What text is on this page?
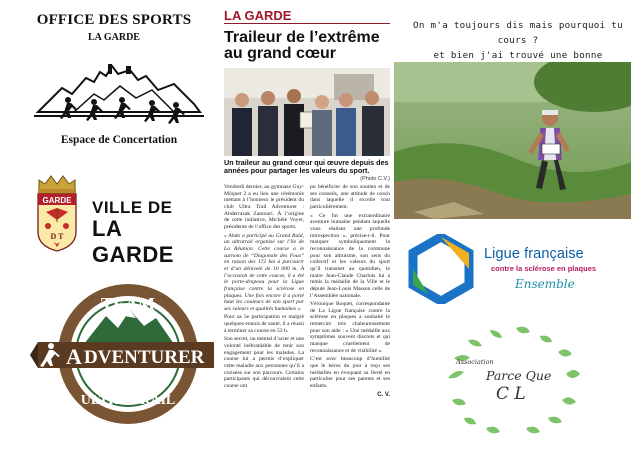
OFFICE DES SPORTS
LA GARDE
Espace de Concertation
GARDE
D T
VILLE DE
LA GARDE
TEAM
A DVENTURER
ULTRA TRAIL
LA GARDE
Traileur de l’extrême
au grand cœur
Un traileur au grand cœur qui œuvre depuis des années pour partager les valeurs du sport.
(Photo C.V.)

Vendredi dernier, au gymnase Guy-Môquet 2 a eu lieu une cérémonie mettant à l’honneur le président du club Ultra Trail Adventurer : Abderrazak Zamouri. À l’origine de cette initiative, Michèle Voyer, présidente de l’office des sports.

« Abdo a participé au Grand Raid, un ultratrail organisé sur l’île de La Réunion. Cette course a le surnom de “Diagonale des Fous” en raison des 172 km à parcourir et d’un dénivelé de 10 000 m. À l’occasion de cette course, il a été le porte-drapeau pour la Ligue française contre la sclérose en plaques. Une fois encore il a porté haut les couleurs de son sport par ses valeurs et qualités humaines ».

Pour sa 5e participation et malgré quelques ennuis de santé, il a réussi à terminer sa course en 53 h.

Son secret, un mental d’acier et une volonté inébranlable de tenir son engagement pour les malades. La course lui a permis d’expliquer cette maladie aux personnes qu’il a croisées sur son parcours. Certains participants qui découvraient cette course ont

pu bénéficier de son soutien et de ses conseils, une attitude de coach dans laquelle il excelle tout particulièrement.

« Ce fut une extraordinaire aventure humaine pendant laquelle vous réalisez une profonde introspection », précise-t-il. Pour marquer symboliquement la reconnaissance de la commune pour son altruisme, son sens du collectif et les valeurs du sport qu’il transmet au quotidien, le maire Jean-Claude Charlois lui a remis la médaille de la Ville et le député Jean-Louis Masson celle de l’Assemblée nationale.

Véronique Roquet, correspondante de La Ligue française contre la sclérose en plaques a souhaité le remercier très chaleureusement pour son aide : « Une médaille aux symptômes souvent discrets et qui manque cruellement de reconnaissance et de visibilité ».

C’est avec beaucoup d’humilité que le héros du jour a reçu ses médailles en évoquant sa fierté en particulier pour ses parents et ses enfants.

C. V.
On m'a toujours dis mais pourquoi tu cours ?
et bien j'ai trouvé une bonne
Ligue française
contre la sclérose en plaques
Ensemble
Association
Parce Que
C L
